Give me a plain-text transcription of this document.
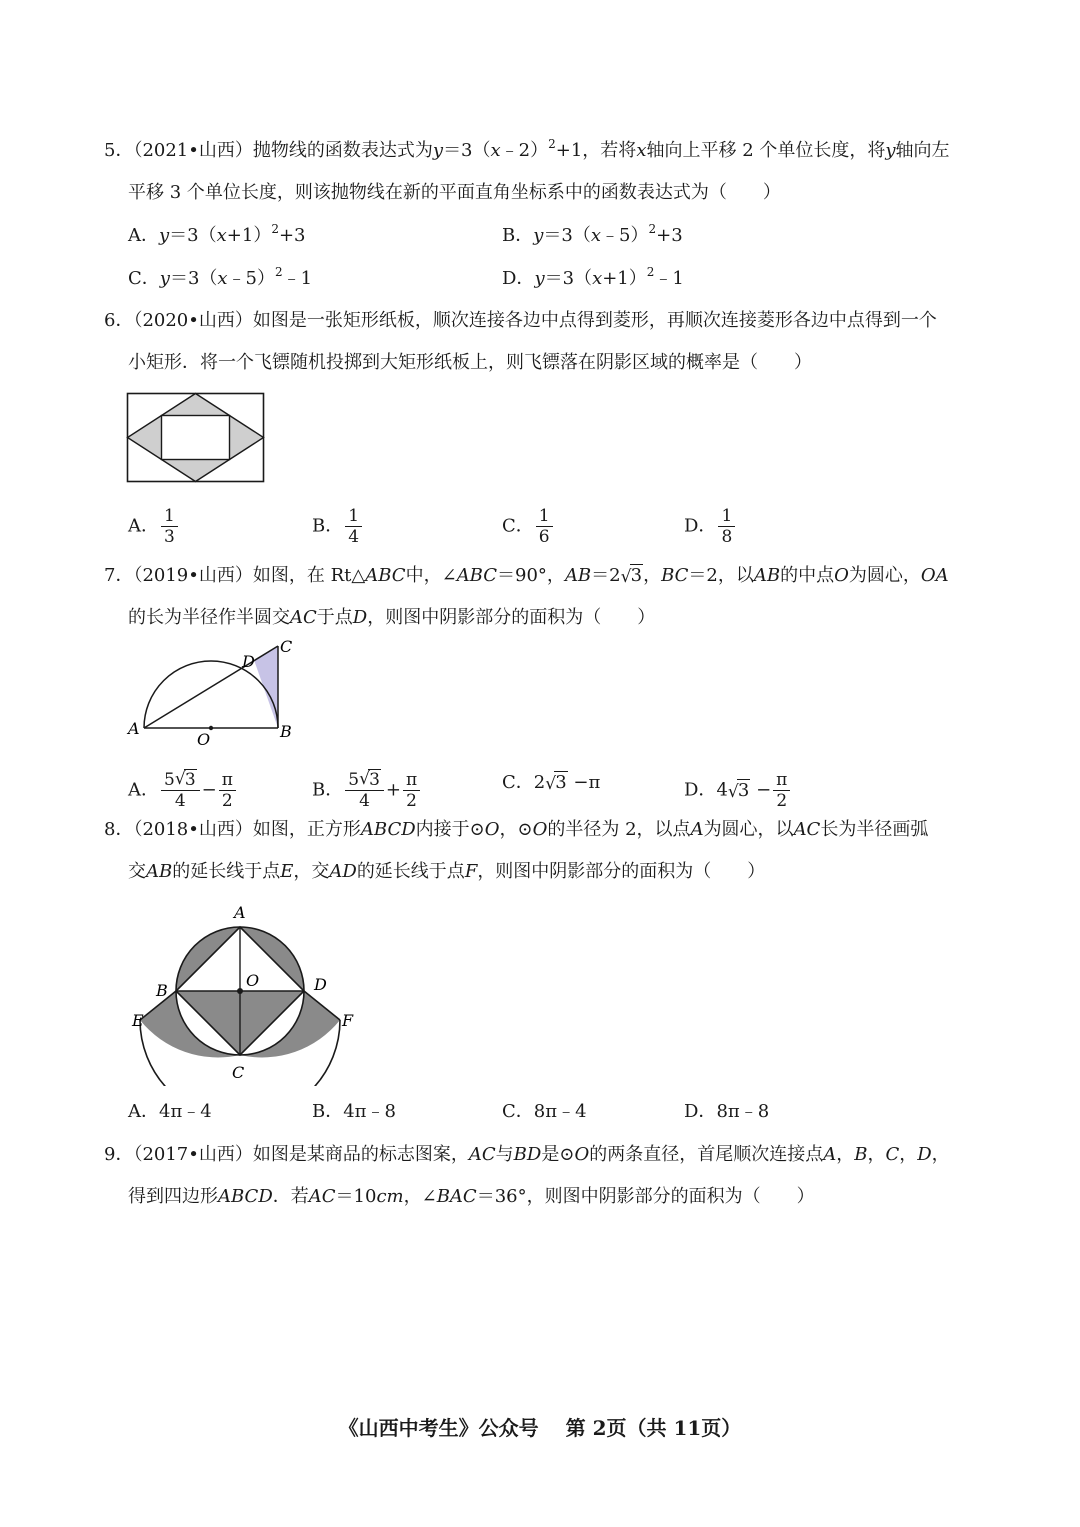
5．（2021•山西）抛物线的函数表达式为y＝3（x﹣2）$^2$+1，若将x轴向上平移 2 个单位长度，将y轴向左
平移 3 个单位长度，则该抛物线在新的平面直角坐标系中的函数表达式为（　　）
A．$y=3(x+1)^2+3$	B．y＝3（x﹣5）$^2$+3
C．y＝3（x﹣5）$^2$﹣1	D．$y=3(x+1)^2﹣1$
6．（2020•山西）如图是一张矩形纸板，顺次连接各边中点得到菱形，再顺次连接菱形各边中点得到一个
小矩形．将一个飞镖随机投掷到大矩形纸板上，则飞镖落在阴影区域的概率是（　　）
A． $\frac{1}{3}$	B． $\frac{1}{4}$	C． $\frac{1}{6}$	D． $\frac{1}{8}$
7．（2019•山西）如图，在 Rt△ABC中，∠ABC＝90°，AB＝2 √ 3，BC＝2，以AB的中点O为圆心，OA
的长为半径作半圆交AC于点D，则图中阴影部分的面积为（　　）
A	B
C
D
O
A． $\frac{5 √ 3}{4} - \frac{\pi}{2}$	B． $\frac{5 √ 3}{4} + \frac{\pi}{2}$	C．2 √ 3 −π	D．4 √ $3 - \frac{\pi}{2}$
8．（2018•山西）如图，正方形ABCD内接于⊙O，⊙O的半径为 2，以点A为圆心，以AC长为半径画弧
交AB的延长线于点E，交AD的延长线于点F，则图中阴影部分的面积为（　　）
A
B
C
D
E	F
O
A．4π﹣4	B．4π﹣8	C．8π﹣4	D．8π﹣8
9．（2017•山西）如图是某商品的标志图案，AC与BD是⊙O的两条直径，首尾顺次连接点A，B，C，D，
得到四边形ABCD．若AC＝10cm，∠BAC＝36°，则图中阴影部分的面积为（　　）
《山西中考生》公众号　 第 2页（共 11页）
